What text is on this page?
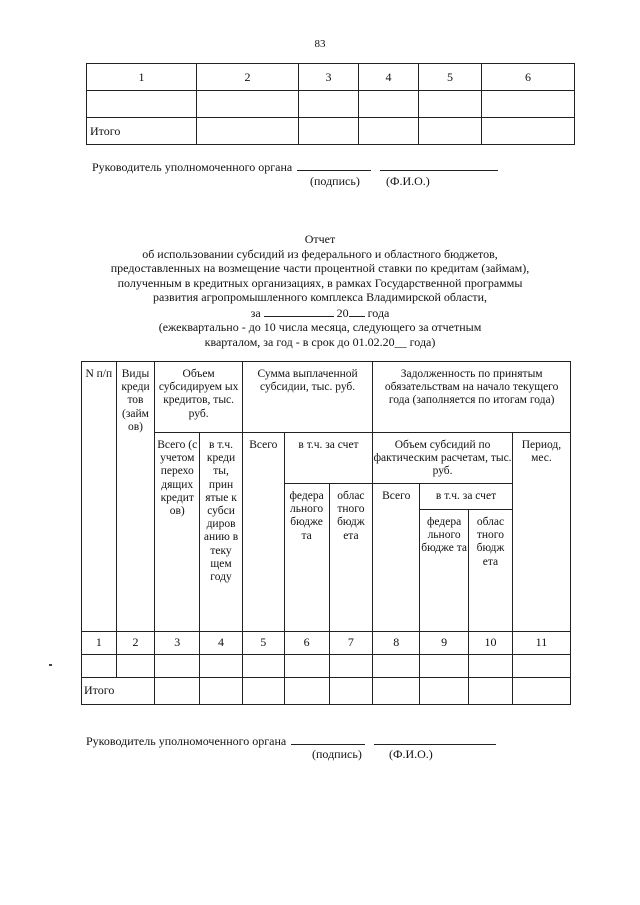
83
1	2	3	4	5	6

Итого					
Руководитель уполномоченного органа
(подпись) (Ф.И.О.)
Отчет
об использовании субсидий из федерального и областного бюджетов,
предоставленных на возмещение части процентной ставки по кредитам (займам),
полученным в кредитных организациях, в рамках Государственной программы
развития агропромышленного комплекса Владимирской области,
за	20 года
(ежеквартально - до 10 числа месяца, следующего за отчетным
кварталом, за год - в срок до 01.02.20__ года)
N п/п	Виды креди тов (займ ов)	Объем субсидируем ых кредитов, тыс. руб.		Сумма выплаченной субсидии, тыс. руб.			Задолженность по принятым обязательствам на начало текущего года (заполняется по итогам года)			
		Всего (с учетом перехо дящих кредит ов)	в т.ч. креди ты, прин ятые к субси диров анию в теку щем году	Всего	в т.ч. за счет		Объем субсидий по фактическим расчетам, тыс. руб.			Период, мес.
					федера льного бюдже та	облас тного бюдж ета	Всего	в т.ч. за счет		
								федера льного бюдже та	облас тного бюдж ета	
1	2	3	4	5	6	7	8	9	10	11

Итого										
Руководитель уполномоченного органа
(подпись) (Ф.И.О.)
